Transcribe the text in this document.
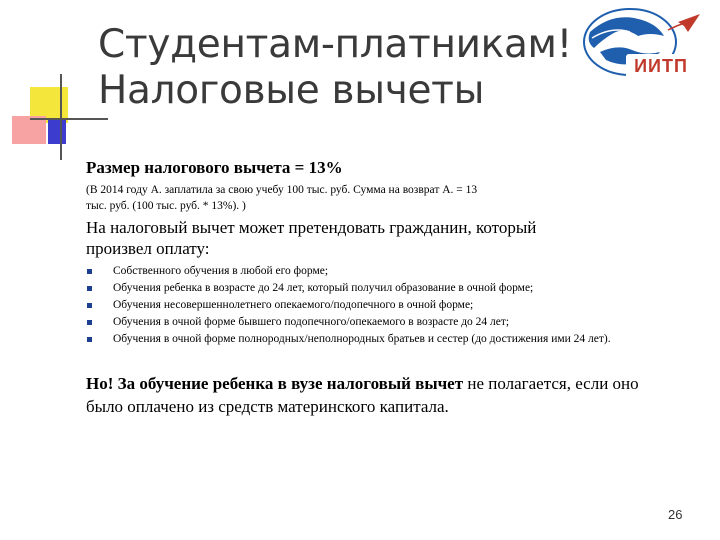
Студентам-платникам!
Налоговые вычеты
ИИТП

Размер налогового вычета = 13%

(В 2014 году А. заплатила за свою учебу 100 тыс. руб. Сумма на возврат А. = 13 тыс. руб. (100 тыс. руб. * 13%). )

На налоговый вычет может претендовать гражданин, который произвел оплату:

Собственного обучения в любой его форме;
Обучения ребенка в возрасте до 24 лет, который получил образование в очной форме;
Обучения несовершеннолетнего опекаемого/подопечного в очной форме;
Обучения в очной форме бывшего подопечного/опекаемого в возрасте до 24 лет;
Обучения в очной форме полнородных/неполнородных братьев и сестер (до достижения ими 24 лет).

Но! За обучение ребенка в вузе налоговый вычет не полагается, если оно было оплачено из средств материнского капитала.

26
